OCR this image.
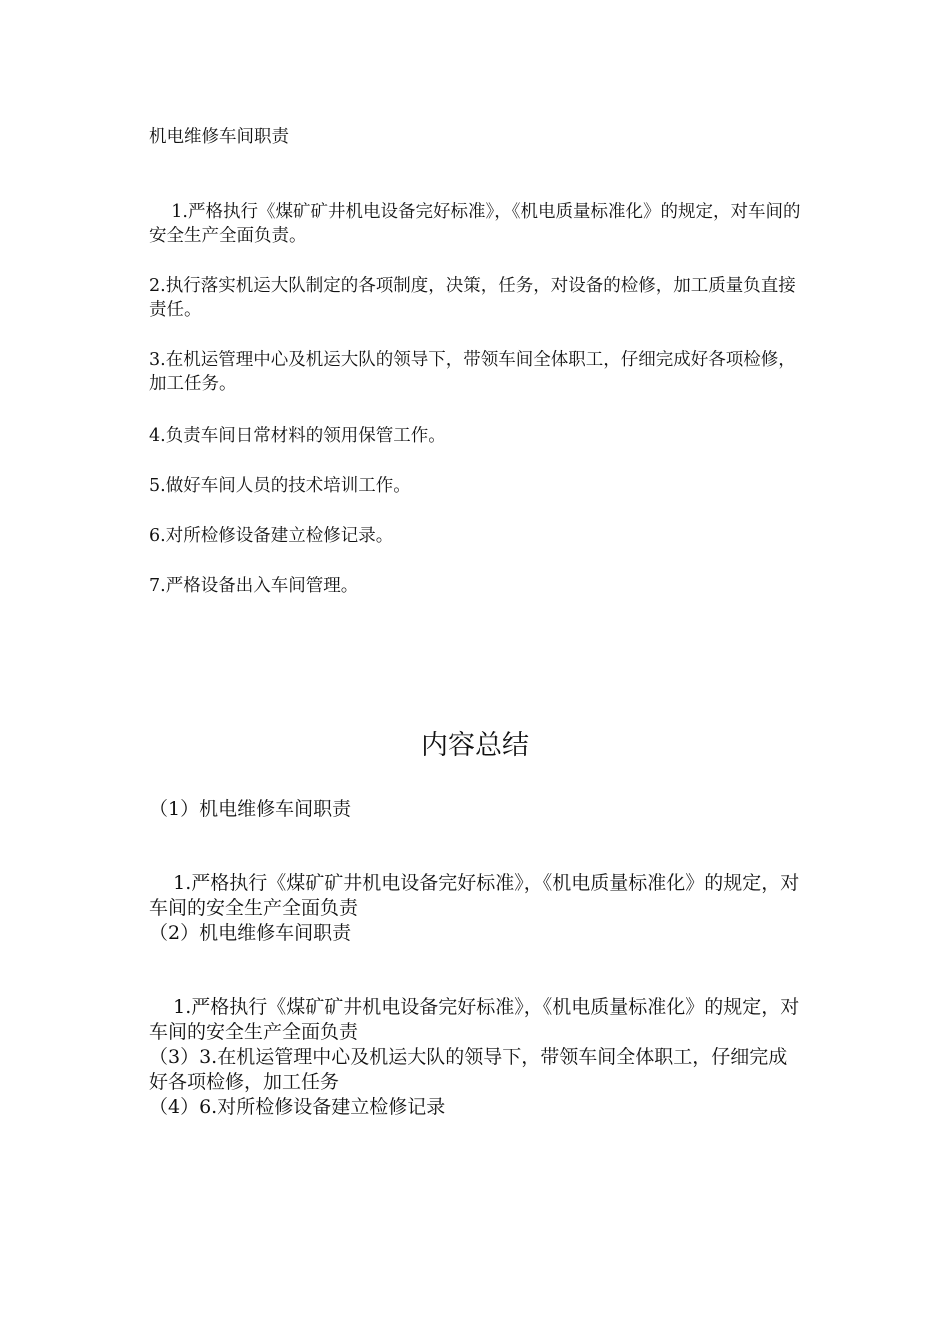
机电维修车间职责

1.严格执行《煤矿矿井机电设备完好标准》，《机电质量标准化》的规定，对车间的安全生产全面负责。

2.执行落实机运大队制定的各项制度，决策，任务，对设备的检修，加工质量负直接责任。

3.在机运管理中心及机运大队的领导下，带领车间全体职工，仔细完成好各项检修，加工任务。

4.负责车间日常材料的领用保管工作。

5.做好车间人员的技术培训工作。

6.对所检修设备建立检修记录。

7.严格设备出入车间管理。

内容总结

（1）机电维修车间职责

1.严格执行《煤矿矿井机电设备完好标准》，《机电质量标准化》的规定，对车间的安全生产全面负责

（2）机电维修车间职责

1.严格执行《煤矿矿井机电设备完好标准》，《机电质量标准化》的规定，对车间的安全生产全面负责

（3）3.在机运管理中心及机运大队的领导下，带领车间全体职工，仔细完成好各项检修，加工任务

（4）6.对所检修设备建立检修记录
